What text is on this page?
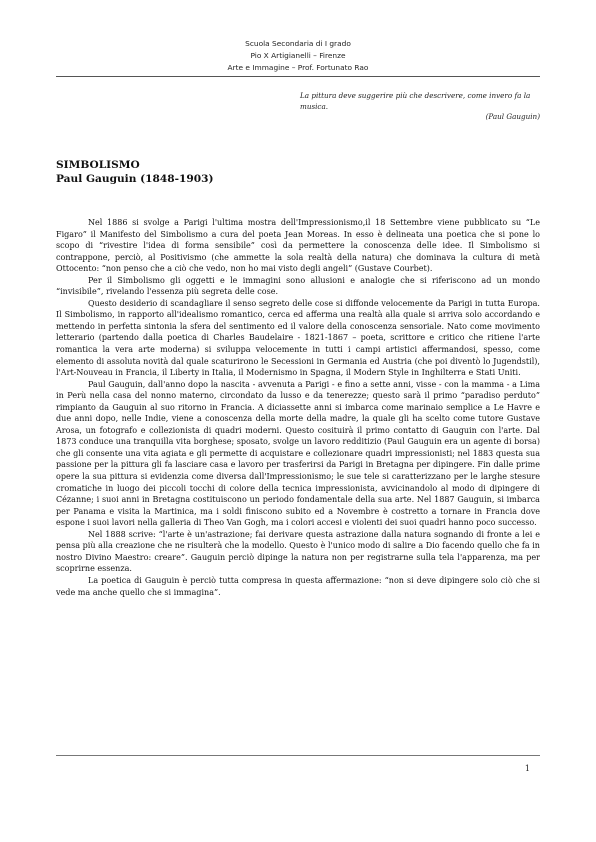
Scuola Secondaria di I grado
Pio X Artigianelli – Firenze
Arte e Immagine – Prof. Fortunato Rao
La pittura deve suggerire più che descrivere, come invero fa la musica.
(Paul Gauguin)
SIMBOLISMO
Paul Gauguin (1848-1903)

Nel 1886 si svolge a Parigi l'ultima mostra dell'Impressionismo,il 18 Settembre viene pubblicato su “Le Figaro” il Manifesto del Simbolismo a cura del poeta Jean Moreas. In esso è delineata una poetica che si pone lo scopo di “rivestire l'idea di forma sensibile” così da permettere la conoscenza delle idee. Il Simbolismo si contrappone, perciò, al Positivismo (che ammette la sola realtà della natura) che dominava la cultura di metà Ottocento: “non penso che a ciò che vedo, non ho mai visto degli angeli” (Gustave Courbet).

Per il Simbolismo gli oggetti e le immagini sono allusioni e analogie che si riferiscono ad un mondo “invisibile”, rivelando l'essenza più segreta delle cose.

Questo desiderio di scandagliare il senso segreto delle cose si diffonde velocemente da Parigi in tutta Europa. Il Simbolismo, in rapporto all'idealismo romantico, cerca ed afferma una realtà alla quale si arriva solo accordando e mettendo in perfetta sintonia la sfera del sentimento ed il valore della conoscenza sensoriale. Nato come movimento letterario (partendo dalla poetica di Charles Baudelaire - 1821-1867 – poeta, scrittore e critico che ritiene l'arte romantica la vera arte moderna) si sviluppa velocemente in tutti i campi artistici affermandosi, spesso, come elemento di assoluta novità dal quale scaturirono le Secessioni in Germania ed Austria (che poi diventò lo Jugendstil), l'Art-Nouveau in Francia, il Liberty in Italia, il Modernismo in Spagna, il Modern Style in Inghilterra e Stati Uniti.

Paul Gauguin, dall'anno dopo la nascita - avvenuta a Parigi - e fino a sette anni, visse - con la mamma - a Lima in Perù nella casa del nonno materno, circondato da lusso e da tenerezze; questo sarà il primo “paradiso perduto” rimpianto da Gauguin al suo ritorno in Francia. A diciassette anni si imbarca come marinaio semplice a Le Havre e due anni dopo, nelle Indie, viene a conoscenza della morte della madre, la quale gli ha scelto come tutore Gustave Arosa, un fotografo e collezionista di quadri moderni. Questo cosituirà il primo contatto di Gauguin con l'arte. Dal 1873 conduce una tranquilla vita borghese; sposato, svolge un lavoro redditizio (Paul Gauguin era un agente di borsa) che gli consente una vita agiata e gli permette di acquistare e collezionare quadri impressionisti; nel 1883 questa sua passione per la pittura gli fa lasciare casa e lavoro per trasferirsi da Parigi in Bretagna per dipingere. Fin dalle prime opere la sua pittura si evidenzia come diversa dall'Impressionismo; le sue tele si caratterizzano per le larghe stesure cromatiche in luogo dei piccoli tocchi di colore della tecnica impressionista, avvicinandolo al modo di dipingere di Cézanne; i suoi anni in Bretagna costituiscono un periodo fondamentale della sua arte. Nel 1887 Gauguin, si imbarca per Panama e visita la Martinica, ma i soldi finiscono subito ed a Novembre è costretto a tornare in Francia dove espone i suoi lavori nella galleria di Theo Van Gogh, ma i colori accesi e violenti dei suoi quadri hanno poco successo.

Nel 1888 scrive: “l'arte è un'astrazione; fai derivare questa astrazione dalla natura sognando di fronte a lei e pensa più alla creazione che ne risulterà che la modello. Questo è l'unico modo di salire a Dio facendo quello che fa in nostro Divino Maestro: creare”. Gauguin perciò dipinge la natura non per registrarne sulla tela l'apparenza, ma per scoprirne essenza.

La poetica di Gauguin è perciò tutta compresa in questa affermazione: “non si deve dipingere solo ciò che si vede ma anche quello che si immagina”.

1
